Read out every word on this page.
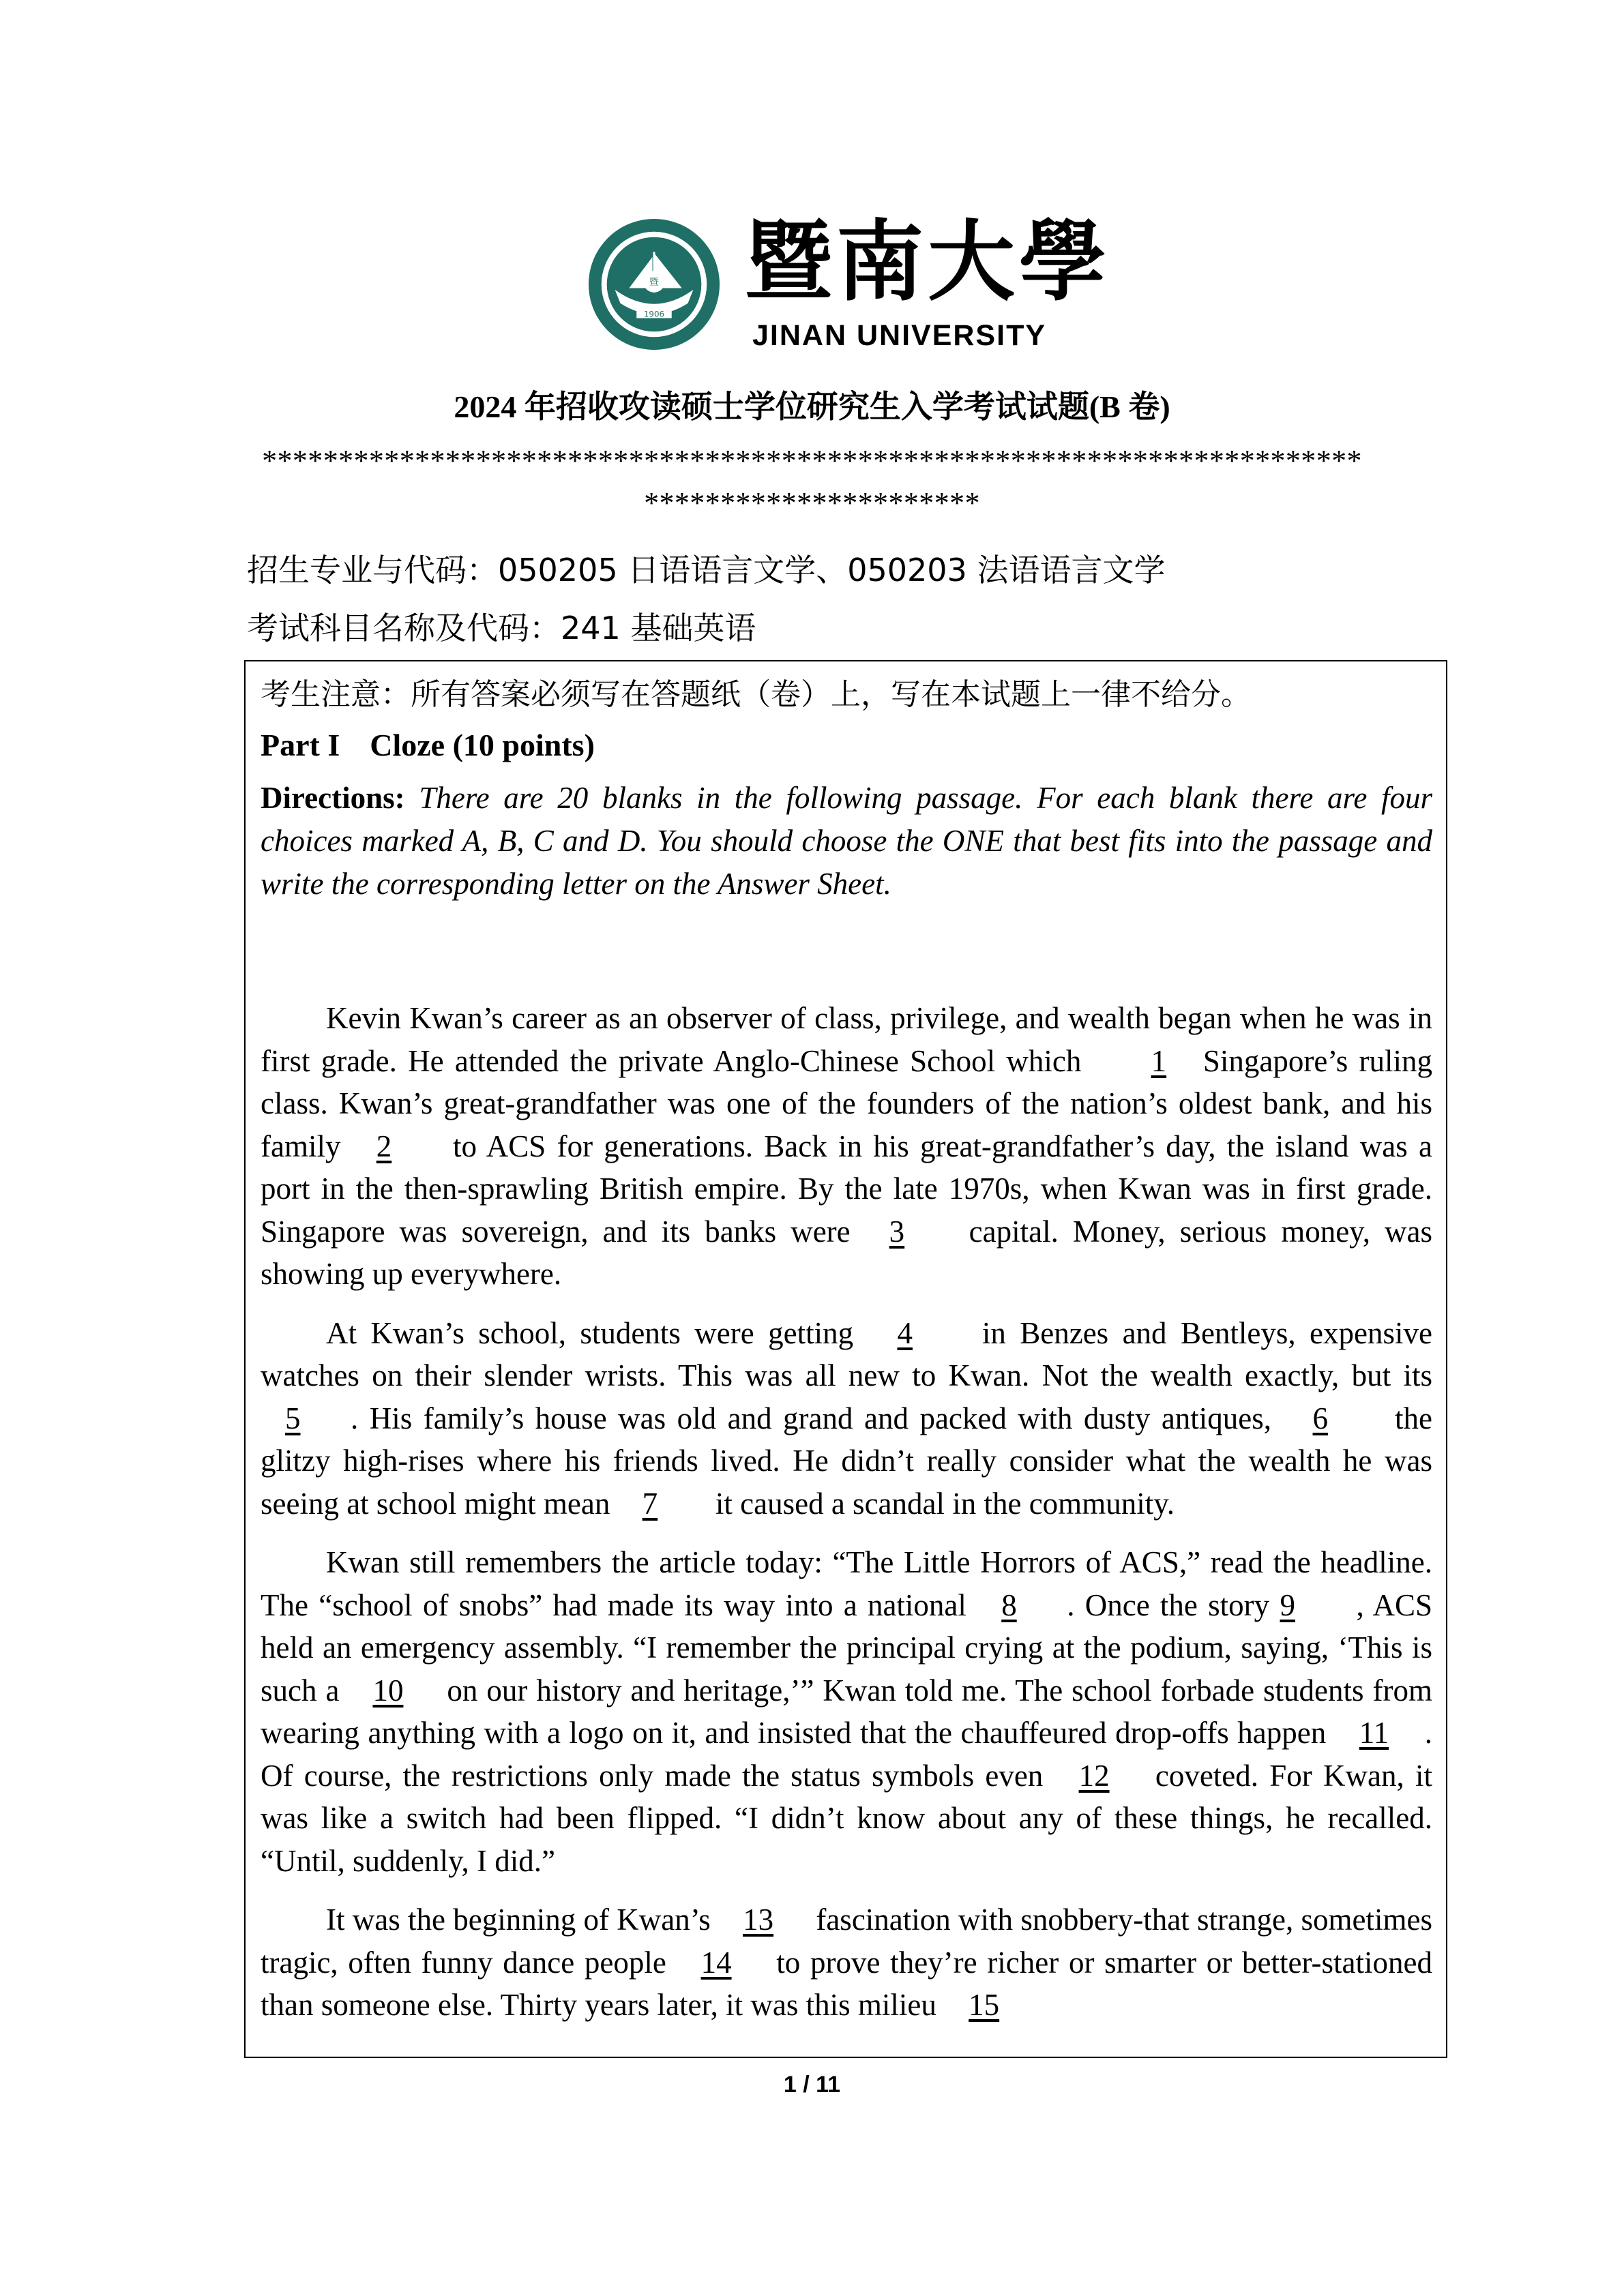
暨
1906
暨南大學
JINAN UNIVERSITY
2024 年招收攻读硕士学位研究生入学考试试题(B 卷)
************************************************************************
**********************
招生专业与代码：050205 日语语言文学、050203 法语语言文学
考试科目名称及代码：241 基础英语
考生注意：所有答案必须写在答题纸（卷）上，写在本试题上一律不给分。
Part I Cloze (10 points)
Directions: There are 20 blanks in the following passage. For each blank there are four choices marked A, B, C and D. You should choose the ONE that best fits into the passage and write the corresponding letter on the Answer Sheet.

Kevin Kwan’s career as an observer of class, privilege, and wealth began when he was in first grade. He attended the private Anglo-Chinese School which 1 Singapore’s ruling class. Kwan’s great-grandfather was one of the founders of the nation’s oldest bank, and his family 2 to ACS for generations. Back in his great-grandfather’s day, the island was a port in the then-sprawling British empire. By the late 1970s, when Kwan was in first grade. Singapore was sovereign, and its banks were 3 capital. Money, serious money, was showing up everywhere.

At Kwan’s school, students were getting 4 in Benzes and Bentleys, expensive watches on their slender wrists. This was all new to Kwan. Not the wealth exactly, but its 5 . His family’s house was old and grand and packed with dusty antiques, 6 the glitzy high-rises where his friends lived. He didn’t really consider what the wealth he was seeing at school might mean 7 it caused a scandal in the community.

Kwan still remembers the article today: “The Little Horrors of ACS,” read the headline. The “school of snobs” had made its way into a national 8 . Once the story 9 , ACS held an emergency assembly. “I remember the principal crying at the podium, saying, ‘This is such a 10 on our history and heritage,’” Kwan told me. The school forbade students from wearing anything with a logo on it, and insisted that the chauffeured drop-offs happen 11 . Of course, the restrictions only made the status symbols even 12 coveted. For Kwan, it was like a switch had been flipped. “I didn’t know about any of these things, he recalled. “Until, suddenly, I did.”

It was the beginning of Kwan’s 13 fascination with snobbery-that strange, sometimes tragic, often funny dance people 14 to prove they’re richer or smarter or better-stationed than someone else. Thirty years later, it was this milieu 15

1 / 11
